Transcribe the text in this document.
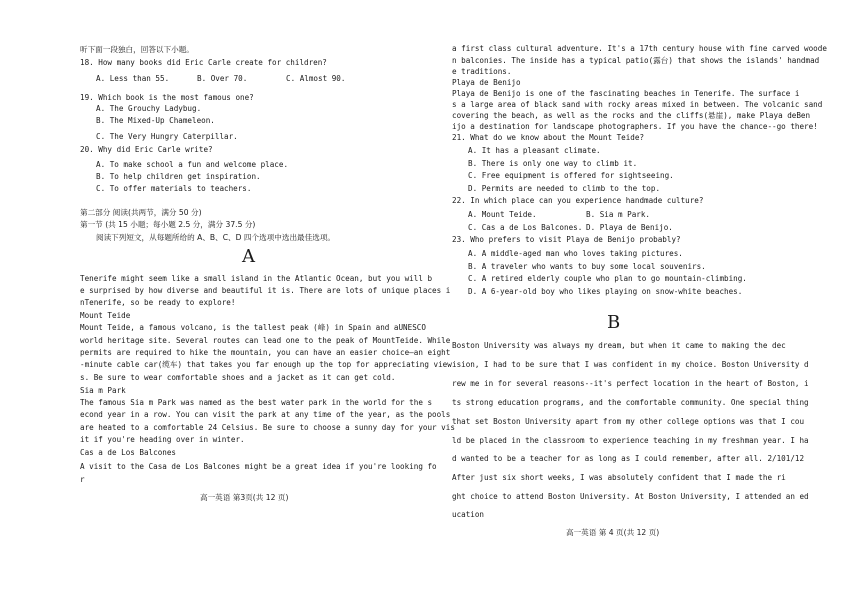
听下面一段独白，回答以下小题。
18. How many books did Eric Carle create for children?
A. Less than 55.	B. Over 70.	C. Almost 90.
19. Which book is the most famous one?
A. The Grouchy Ladybug.
B. The Mixed-Up Chameleon.
C. The Very Hungry Caterpillar.
20. Why did Eric Carle write?
A. To make school a fun and welcome place.
B. To help children get inspiration.
C. To offer materials to teachers.
第二部分 阅读(共两节，满分 50 分)
第一节 (共 15 小题；每小题 2.5 分，满分 37.5 分)
阅读下列短文，从每题所给的 A、B、C、D 四个选项中选出最佳选项。
A
Tenerife might seem like a small island in the Atlantic Ocean, but you will b
e surprised by how diverse and beautiful it is. There are lots of unique places i
nTenerife, so be ready to explore!
Mount Teide
Mount Teide, a famous volcano, is the tallest peak (峰) in Spain and aUNESCO
world heritage site. Several routes can lead one to the peak of MountTeide. While
permits are required to hike the mountain, you can have an easier choice—an eight
-minute cable car(缆车) that takes you far enough up the top for appreciating view
s. Be sure to wear comfortable shoes and a jacket as it can get cold.
Sia m Park
The famous Sia m Park was named as the best water park in the world for the s
econd year in a row. You can visit the park at any time of the year, as the pools
are heated to a comfortable 24 Celsius. Be sure to choose a sunny day for your vis
it if you're heading over in winter.
Cas a de Los Balcones
A visit to the Casa de Los Balcones might be a great idea if you're looking fo
r
高一英语 第3页(共 12 页)
a first class cultural adventure. It's a 17th century house with fine carved woode
n balconies. The inside has a typical patio(露台) that shows the islands' handmad
e traditions.
Playa de Benijo
Playa de Benijo is one of the fascinating beaches in Tenerife. The surface i
s a large area of black sand with rocky areas mixed in between. The volcanic sand
covering the beach, as well as the rocks and the cliffs(悬崖), make Playa deBen
ijo a destination for landscape photographers. If you have the chance--go there!
21. What do we know about the Mount Teide?
A. It has a pleasant climate.
B. There is only one way to climb it.
C. Free equipment is offered for sightseeing.
D. Permits are needed to climb to the top.
22. In which place can you experience handmade culture?
A. Mount Teide.	B. Sia m Park.
C. Cas a de Los Balcones. D. Playa de Benijo.
23. Who prefers to visit Playa de Benijo probably?
A. A middle-aged man who loves taking pictures.
B. A traveler who wants to buy some local souvenirs.
C. A retired elderly couple who plan to go mountain-climbing.
D. A 6-year-old boy who likes playing on snow-white beaches.
B
Boston University was always my dream, but when it came to making the dec
ision, I had to be sure that I was confident in my choice. Boston University d
rew me in for several reasons--it's perfect location in the heart of Boston, i
ts strong education programs, and the comfortable community. One special thing
that set Boston University apart from my other college options was that I cou
ld be placed in the classroom to experience teaching in my freshman year. I ha
d wanted to be a teacher for as long as I could remember, after all. 2/101/12
After just six short weeks, I was absolutely confident that I made the ri
ght choice to attend Boston University. At Boston University, I attended an ed
ucation
高一英语 第 4 页(共 12 页)
